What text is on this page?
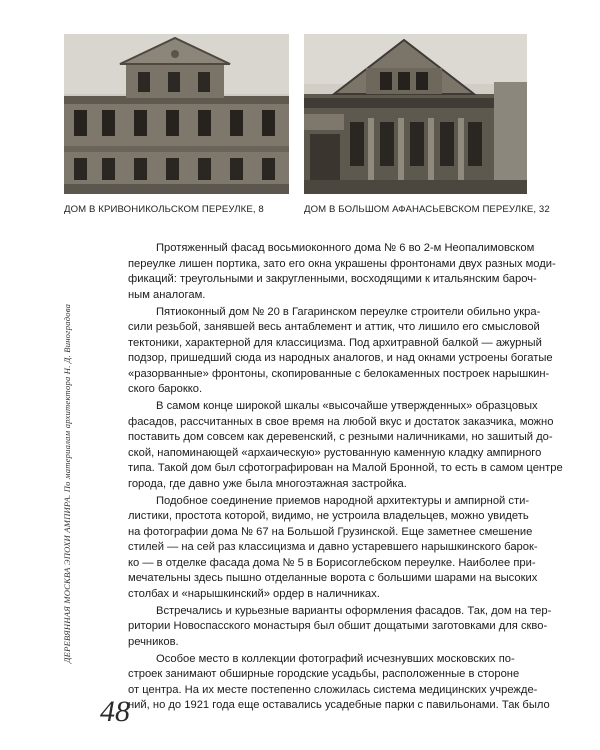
ДОМ В КРИВОНИКОЛЬСКОМ ПЕРЕУЛКЕ, 8	ДОМ В БОЛЬШОМ АФАНАСЬЕВСКОМ ПЕРЕУЛКЕ, 32

Протяженный фасад восьмиоконного дома № 6 во 2-м Неопалимовском
переулке лишен портика, зато его окна украшены фронтонами двух разных моди-
фикаций: треугольными и закругленными, восходящими к итальянским бароч-
ным аналогам.

Пятиоконный дом № 20 в Гагаринском переулке строители обильно укра-
сили резьбой, занявшей весь антаблемент и аттик, что лишило его смысловой
тектоники, характерной для классицизма. Под архитравной балкой — ажурный
подзор, пришедший сюда из народных аналогов, и над окнами устроены богатые
«разорванные» фронтоны, скопированные с белокаменных построек нарышкин-
ского барокко.

В самом конце широкой шкалы «высочайше утвержденных» образцовых
фасадов, рассчитанных в свое время на любой вкус и достаток заказчика, можно
поставить дом совсем как деревенский, с резными наличниками, но зашитый до-
ской, напоминающей «архаическую» рустованную каменную кладку ампирного
типа. Такой дом был сфотографирован на Малой Бронной, то есть в самом центре
города, где давно уже была многоэтажная застройка.

Подобное соединение приемов народной архитектуры и ампирной сти-
листики, простота которой, видимо, не устроила владельцев, можно увидеть
на фотографии дома № 67 на Большой Грузинской. Еще заметнее смешение
стилей — на сей раз классицизма и давно устаревшего нарышкинского барок-
ко — в отделке фасада дома № 5 в Борисоглебском переулке. Наиболее при-
мечательны здесь пышно отделанные ворота с большими шарами на высоких
столбах и «нарышкинский» ордер в наличниках.

Встречались и курьезные варианты оформления фасадов. Так, дом на тер-
ритории Новоспасского монастыря был обшит дощатыми заготовками для скво-
речников.

Особое место в коллекции фотографий исчезнувших московских по-
строек занимают обширные городские усадьбы, расположенные в стороне
от центра. На их месте постепенно сложилась система медицинских учрежде-
ний, но до 1921 года еще оставались усадебные парки с павильонами. Так было

ДЕРЕВЯННАЯ МОСКВА ЭПОХИ АМПИРА. По материалам архитектора Н. Д. Виноградова
48
